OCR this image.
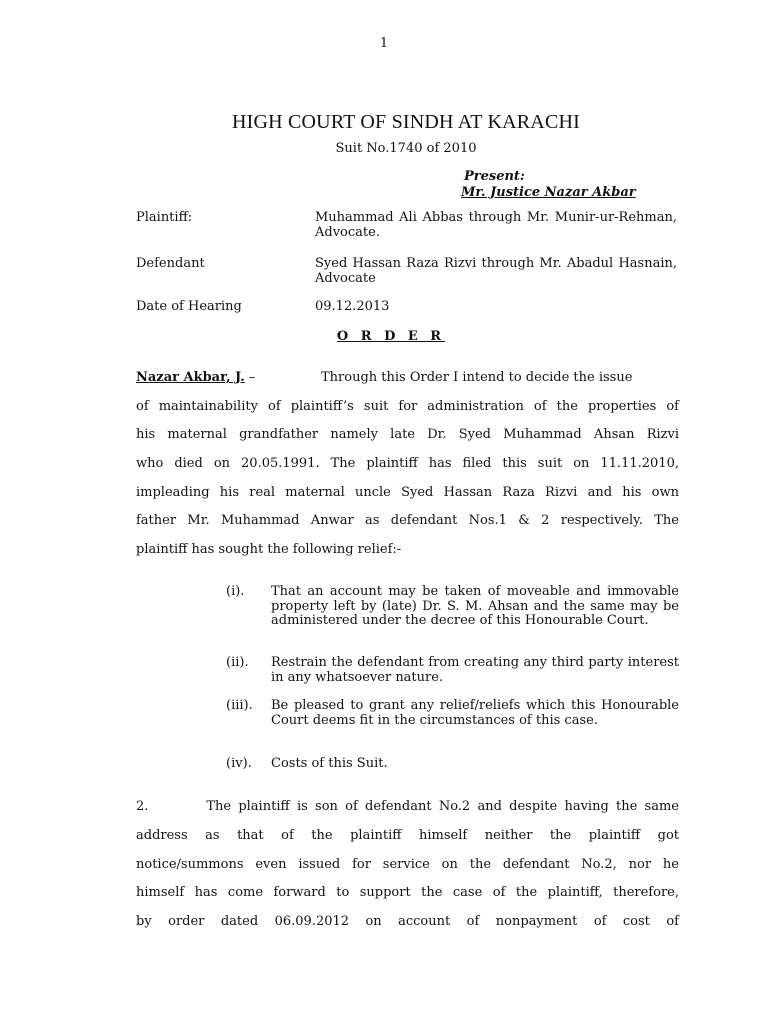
1
HIGH COURT OF SINDH AT KARACHI
Suit No.1740 of 2010
Present:
Mr. Justice Nazar Akbar
Plaintiff:	Muhammad Ali Abbas through Mr. Munir-ur-Rehman, Advocate.
Defendant	Syed Hassan Raza Rizvi through Mr. Abadul Hasnain, Advocate
Date of Hearing	09.12.2013
O R D E R
Nazar Akbar, J. –	Through this Order I intend to decide the issue
of maintainability of plaintiff’s suit for administration of the properties of
his maternal grandfather namely late Dr. Syed Muhammad Ahsan Rizvi
who died on 20.05.1991. The plaintiff has filed this suit on 11.11.2010,
impleading his real maternal uncle Syed Hassan Raza Rizvi and his own
father Mr. Muhammad Anwar as defendant Nos.1 & 2 respectively. The
plaintiff has sought the following relief:-
(i). That an account may be taken of moveable and immovable property left by (late) Dr. S. M. Ahsan and the same may be administered under the decree of this Honourable Court.
(ii). Restrain the defendant from creating any third party interest in any whatsoever nature.
(iii). Be pleased to grant any relief/reliefs which this Honourable Court deems fit in the circumstances of this case.
(iv). Costs of this Suit.
2.        The plaintiff is son of defendant No.2 and despite having the same
address as that of the plaintiff himself neither the plaintiff got
notice/summons even issued for service on the defendant No.2, nor he
himself has come forward to support the case of the plaintiff, therefore,
by order dated 06.09.2012 on account of nonpayment of cost of
